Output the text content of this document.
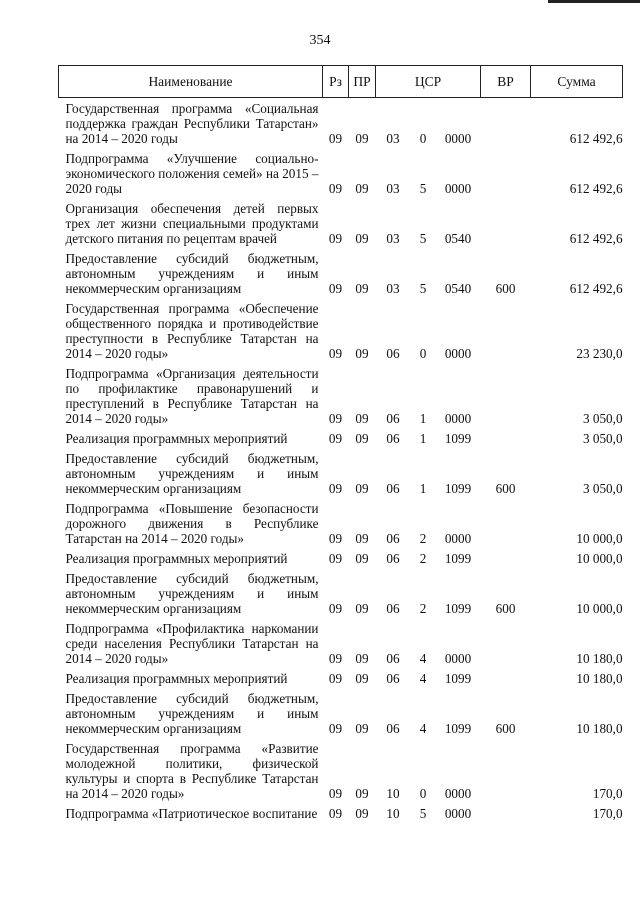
354
Наименование	Рз	ПР	ЦСР			ВР	Сумма
Государственная программа «Социальная поддержка граждан Республики Татарстан» на 2014 – 2020 годы	09	09	03	0	0000		612 492,6
Подпрограмма «Улучшение социально-экономического положения семей» на 2015 – 2020 годы	09	09	03	5	0000		612 492,6
Организация обеспечения детей первых трех лет жизни специальными продуктами детского питания по рецептам врачей	09	09	03	5	0540		612 492,6
Предоставление субсидий бюджетным, автономным учреждениям и иным некоммерческим организациям	09	09	03	5	0540	600	612 492,6
Государственная программа «Обеспечение общественного порядка и противодействие преступности в Республике Татарстан на 2014 – 2020 годы»	09	09	06	0	0000		23 230,0
Подпрограмма «Организация деятельности по профилактике правонарушений и преступлений в Республике Татарстан на 2014 – 2020 годы»	09	09	06	1	0000		3 050,0
Реализация программных мероприятий	09	09	06	1	1099		3 050,0
Предоставление субсидий бюджетным, автономным учреждениям и иным некоммерческим организациям	09	09	06	1	1099	600	3 050,0
Подпрограмма «Повышение безопасности дорожного движения в Республике Татарстан на 2014 – 2020 годы»	09	09	06	2	0000		10 000,0
Реализация программных мероприятий	09	09	06	2	1099		10 000,0
Предоставление субсидий бюджетным, автономным учреждениям и иным некоммерческим организациям	09	09	06	2	1099	600	10 000,0
Подпрограмма «Профилактика наркомании среди населения Республики Татарстан на 2014 – 2020 годы»	09	09	06	4	0000		10 180,0
Реализация программных мероприятий	09	09	06	4	1099		10 180,0
Предоставление субсидий бюджетным, автономным учреждениям и иным некоммерческим организациям	09	09	06	4	1099	600	10 180,0
Государственная программа «Развитие молодежной политики, физической культуры и спорта в Республике Татарстан на 2014 – 2020 годы»	09	09	10	0	0000		170,0
Подпрограмма «Патриотическое воспитание	09	09	10	5	0000		170,0
